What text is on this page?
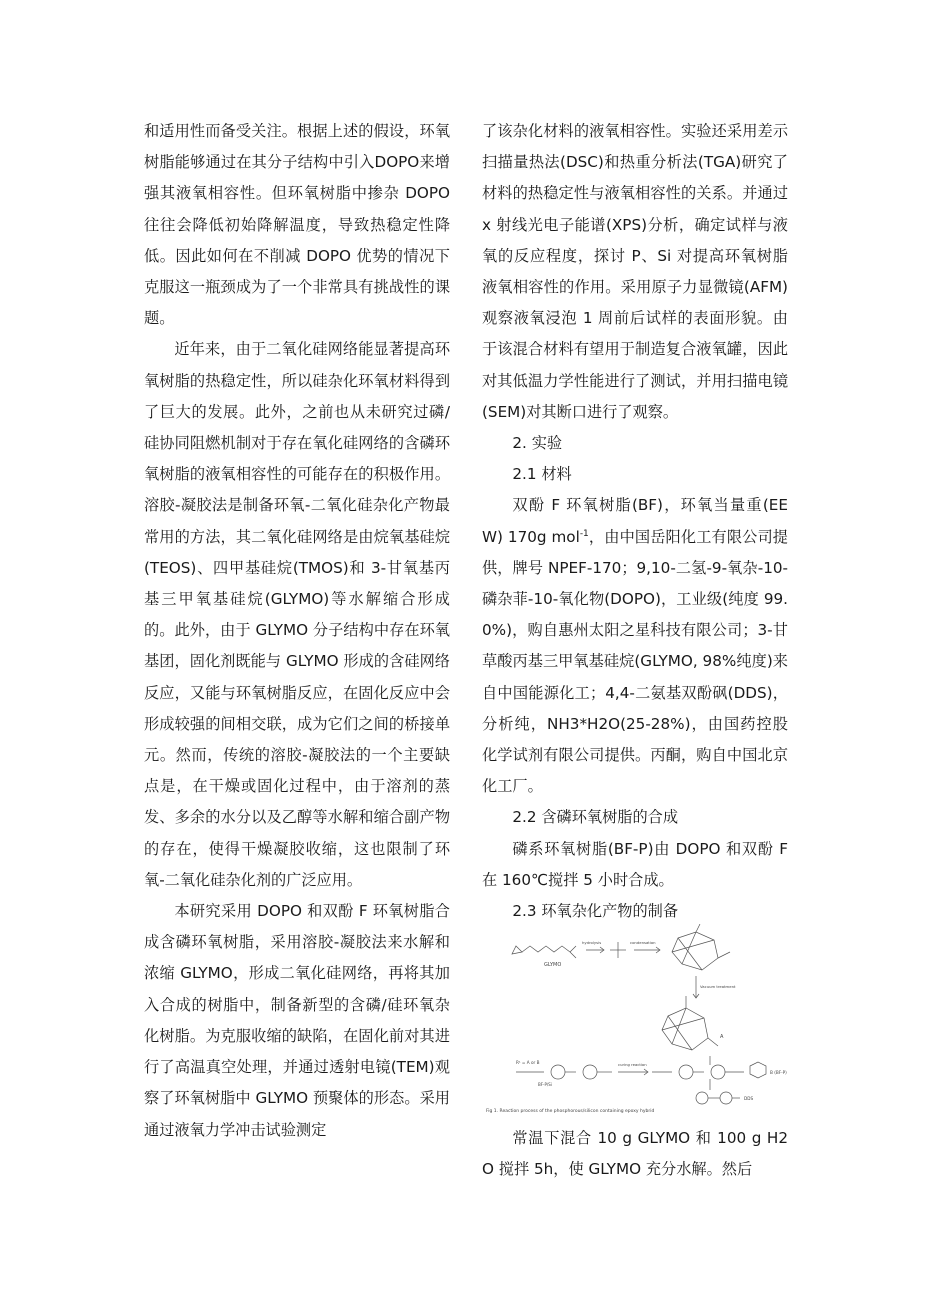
和适用性而备受关注。根据上述的假设，环氧树脂能够通过在其分子结构中引入DOPO来增强其液氧相容性。但环氧树脂中掺杂 DOPO 往往会降低初始降解温度，导致热稳定性降低。因此如何在不削减 DOPO 优势的情况下克服这一瓶颈成为了一个非常具有挑战性的课题。

近年来，由于二氧化硅网络能显著提高环氧树脂的热稳定性，所以硅杂化环氧材料得到了巨大的发展。此外，之前也从未研究过磷/硅协同阻燃机制对于存在氧化硅网络的含磷环氧树脂的液氧相容性的可能存在的积极作用。溶胶-凝胶法是制备环氧-二氧化硅杂化产物最常用的方法，其二氧化硅网络是由烷氧基硅烷(TEOS)、四甲基硅烷(TMOS)和 3-甘氧基丙基三甲氧基硅烷(GLYMO)等水解缩合形成的。此外，由于 GLYMO 分子结构中存在环氧基团，固化剂既能与 GLYMO 形成的含硅网络反应，又能与环氧树脂反应，在固化反应中会形成较强的间相交联，成为它们之间的桥接单元。然而，传统的溶胶-凝胶法的一个主要缺点是，在干燥或固化过程中，由于溶剂的蒸发、多余的水分以及乙醇等水解和缩合副产物的存在，使得干燥凝胶收缩，这也限制了环氧-二氧化硅杂化剂的广泛应用。

本研究采用 DOPO 和双酚 F 环氧树脂合成含磷环氧树脂，采用溶胶-凝胶法来水解和浓缩 GLYMO，形成二氧化硅网络，再将其加入合成的树脂中，制备新型的含磷/硅环氧杂化树脂。为克服收缩的缺陷，在固化前对其进行了高温真空处理，并通过透射电镜(TEM)观察了环氧树脂中 GLYMO 预聚体的形态。采用通过液氧力学冲击试验测定

了该杂化材料的液氧相容性。实验还采用差示扫描量热法(DSC)和热重分析法(TGA)研究了材料的热稳定性与液氧相容性的关系。并通过 x 射线光电子能谱(XPS)分析，确定试样与液氧的反应程度，探讨 P、Si 对提高环氧树脂液氧相容性的作用。采用原子力显微镜(AFM)观察液氧浸泡 1 周前后试样的表面形貌。由于该混合材料有望用于制造复合液氧罐，因此对其低温力学性能进行了测试，并用扫描电镜(SEM)对其断口进行了观察。

2. 实验

2.1 材料

双酚 F 环氧树脂(BF)，环氧当量重(EEW) 170g mol$^{-1}$，由中国岳阳化工有限公司提供，牌号 NPEF-170；9,10-二氢-9-氧杂-10-磷杂菲-10-氧化物(DOPO)，工业级(纯度 99.0%)，购自惠州太阳之星科技有限公司；3-甘草酸丙基三甲氧基硅烷(GLYMO, 98%纯度)来自中国能源化工；4,4-二氨基双酚砜(DDS)，分析纯，NH3*H2O(25-28%)，由国药控股化学试剂有限公司提供。丙酮，购自中国北京化工厂。

2.2 含磷环氧树脂的合成

磷系环氧树脂(BF-P)由 DOPO 和双酚 F 在 160℃搅拌 5 小时合成。

2.3 环氧杂化产物的制备

常温下混合 10 g GLYMO 和 100 g H2O 搅拌 5h，使 GLYMO 充分水解。然后

GLYMO
hydrolysis	condensation
Vacuum treatment
A
R¹ = A or B
BF-P/Si
curing reaction
B (BF-P)
DDS
Fig 1. Reaction process of the phosphorous/silicon containing epoxy hybrid
